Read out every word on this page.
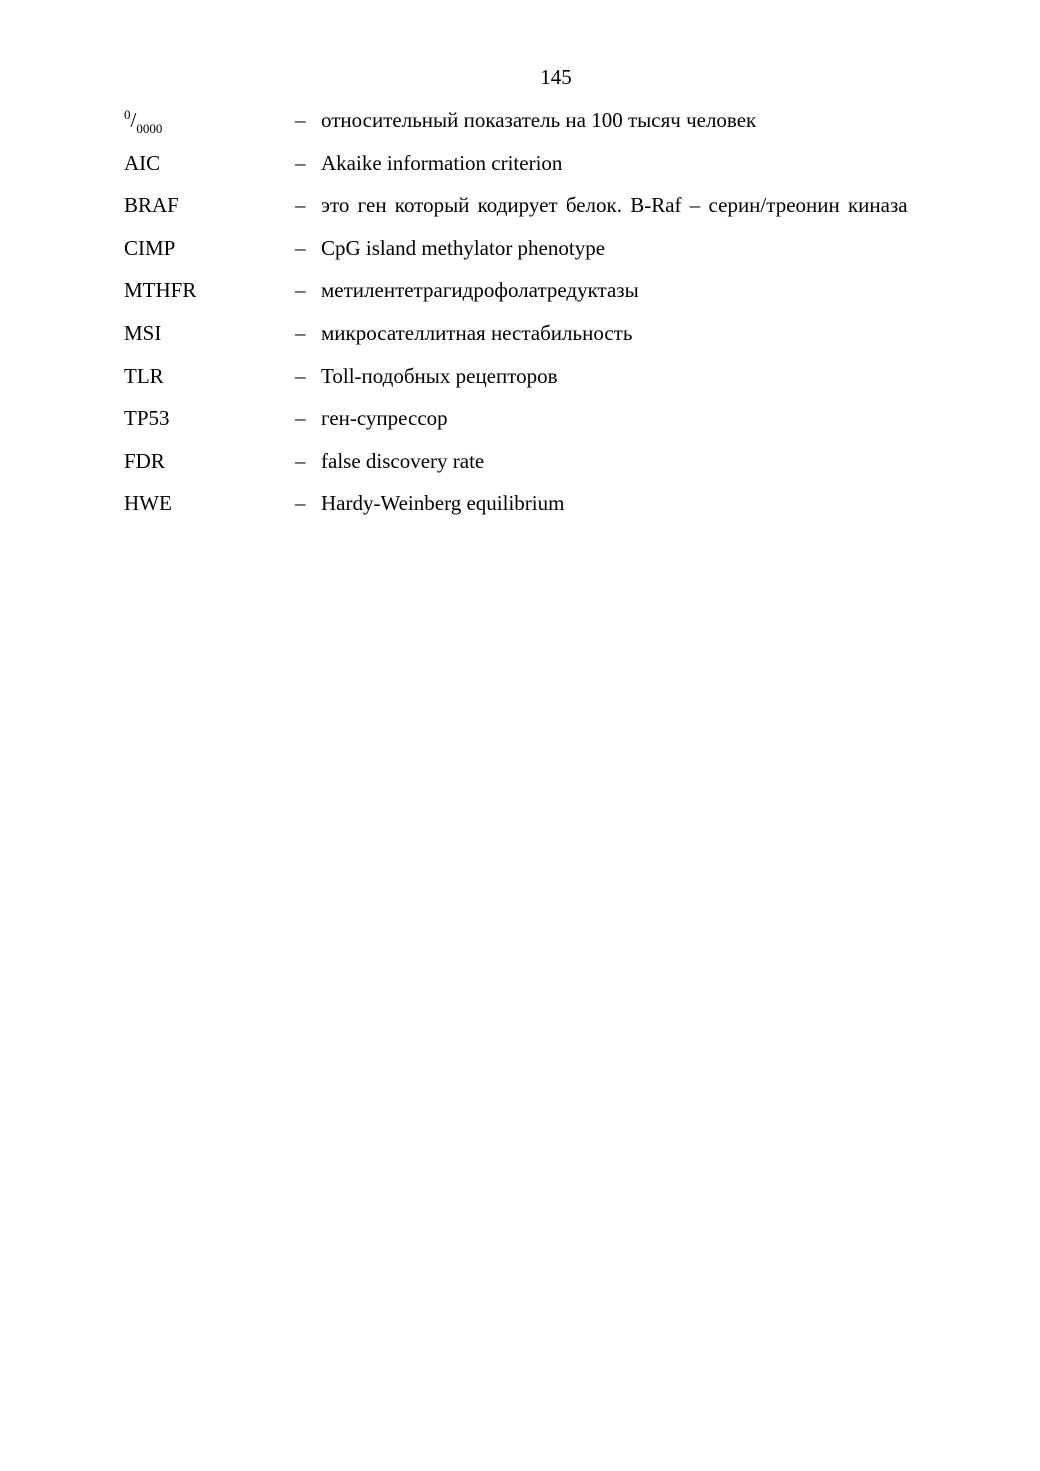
145
$^0/_{0000}$	– относительный показатель на 100 тысяч человек
AIC	– Akaike information criterion
BRAF	– это ген который кодирует белок. B-Raf – серин/треонин киназа
CIMP	– CpG island methylator phenotype
MTHFR	– метилентетрагидрофолатредуктазы
MSI	– микросателлитная нестабильность
TLR	– Toll-подобных рецепторов
TP53	– ген-супрессор
FDR	– false discovery rate
HWE	– Hardy-Weinberg equilibrium
